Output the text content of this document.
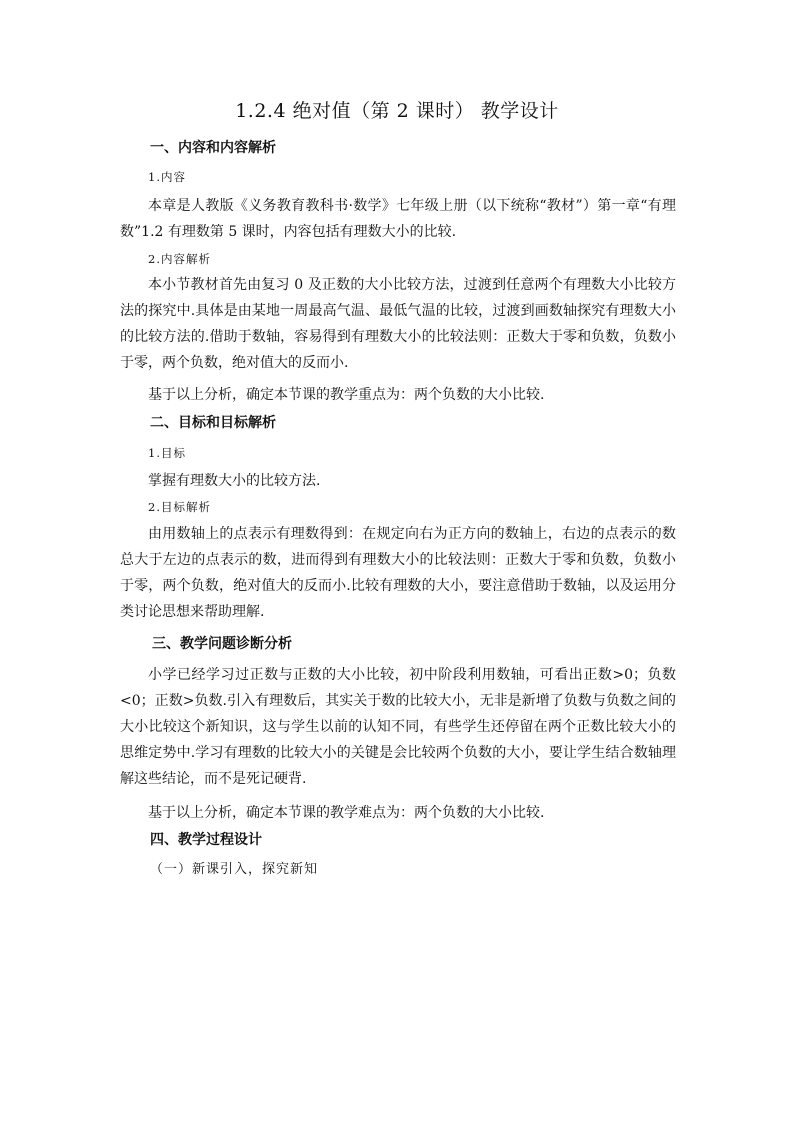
1.2.4 绝对值（第 2 课时） 教学设计
一、内容和内容解析
1.内容
本章是人教版《义务教育教科书·数学》七年级上册（以下统称“教材”）第一章“有理数”1.2 有理数第 5 课时，内容包括有理数大小的比较.
2.内容解析
本小节教材首先由复习 0 及正数的大小比较方法，过渡到任意两个有理数大小比较方法的探究中.具体是由某地一周最高气温、最低气温的比较，过渡到画数轴探究有理数大小的比较方法的.借助于数轴，容易得到有理数大小的比较法则：正数大于零和负数，负数小于零，两个负数，绝对值大的反而小.
基于以上分析，确定本节课的教学重点为：两个负数的大小比较.
二、目标和目标解析
1.目标
掌握有理数大小的比较方法.
2.目标解析
由用数轴上的点表示有理数得到：在规定向右为正方向的数轴上，右边的点表示的数总大于左边的点表示的数，进而得到有理数大小的比较法则：正数大于零和负数，负数小于零，两个负数，绝对值大的反而小.比较有理数的大小，要注意借助于数轴，以及运用分类讨论思想来帮助理解.
三、教学问题诊断分析
小学已经学习过正数与正数的大小比较，初中阶段利用数轴，可看出正数>0；负数<0；正数>负数.引入有理数后，其实关于数的比较大小，无非是新增了负数与负数之间的大小比较这个新知识，这与学生以前的认知不同，有些学生还停留在两个正数比较大小的思维定势中.学习有理数的比较大小的关键是会比较两个负数的大小，要让学生结合数轴理解这些结论，而不是死记硬背.
基于以上分析，确定本节课的教学难点为：两个负数的大小比较.
四、教学过程设计
（一）新课引入，探究新知
